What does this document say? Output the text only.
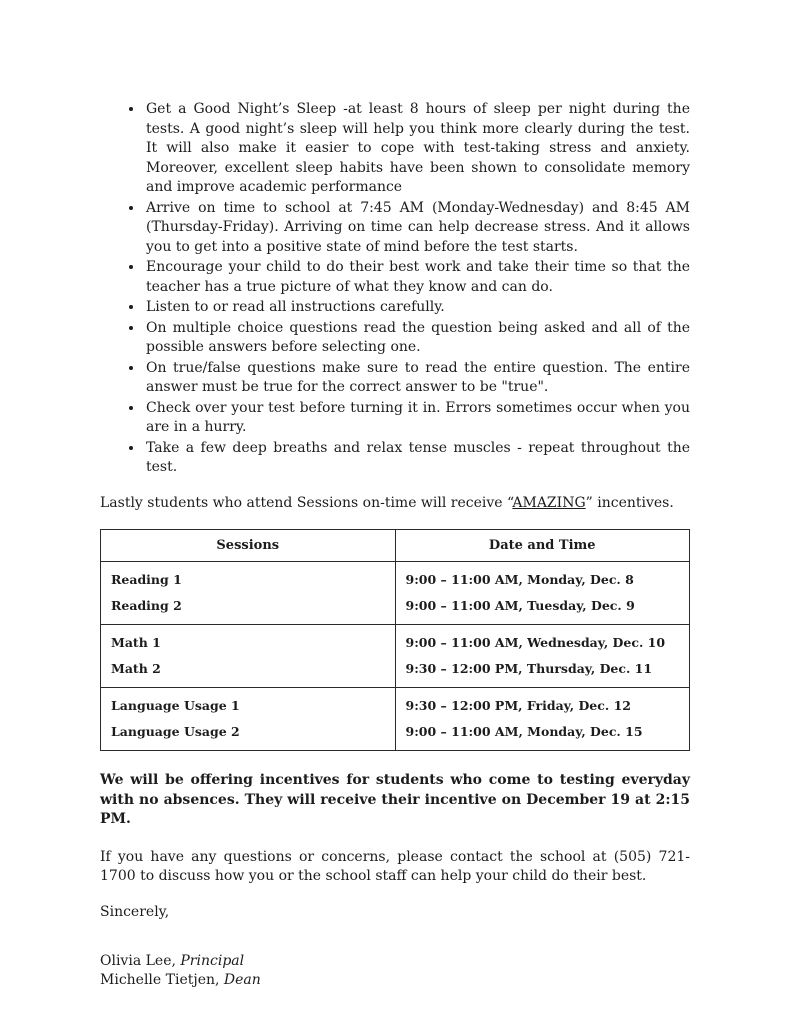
• Get a Good Night’s Sleep -at least 8 hours of sleep per night during the tests. A good night’s sleep will help you think more clearly during the test. It will also make it easier to cope with test-taking stress and anxiety. Moreover, excellent sleep habits have been shown to consolidate memory and improve academic performance
• Arrive on time to school at 7:45 AM (Monday-Wednesday) and 8:45 AM (Thursday-Friday). Arriving on time can help decrease stress. And it allows you to get into a positive state of mind before the test starts.
• Encourage your child to do their best work and take their time so that the teacher has a true picture of what they know and can do.
• Listen to or read all instructions carefully.
• On multiple choice questions read the question being asked and all of the possible answers before selecting one.
• On true/false questions make sure to read the entire question. The entire answer must be true for the correct answer to be "true".
• Check over your test before turning it in. Errors sometimes occur when you are in a hurry.
• Take a few deep breaths and relax tense muscles - repeat throughout the test.

Lastly students who attend Sessions on-time will receive “AMAZING” incentives.

Sessions	Date and Time
Reading 1	9:00 – 11:00 AM, Monday, Dec. 8
Reading 2	9:00 – 11:00 AM, Tuesday, Dec. 9
Math 1	9:00 – 11:00 AM, Wednesday, Dec. 10
Math 2	9:30 – 12:00 PM, Thursday, Dec. 11
Language Usage 1	9:30 – 12:00 PM, Friday, Dec. 12
Language Usage 2	9:00 – 11:00 AM, Monday, Dec. 15

We will be offering incentives for students who come to testing everyday with no absences. They will receive their incentive on December 19 at 2:15 PM.

If you have any questions or concerns, please contact the school at (505) 721-1700 to discuss how you or the school staff can help your child do their best.

Sincerely,

Olivia Lee, Principal

Michelle Tietjen, Dean
